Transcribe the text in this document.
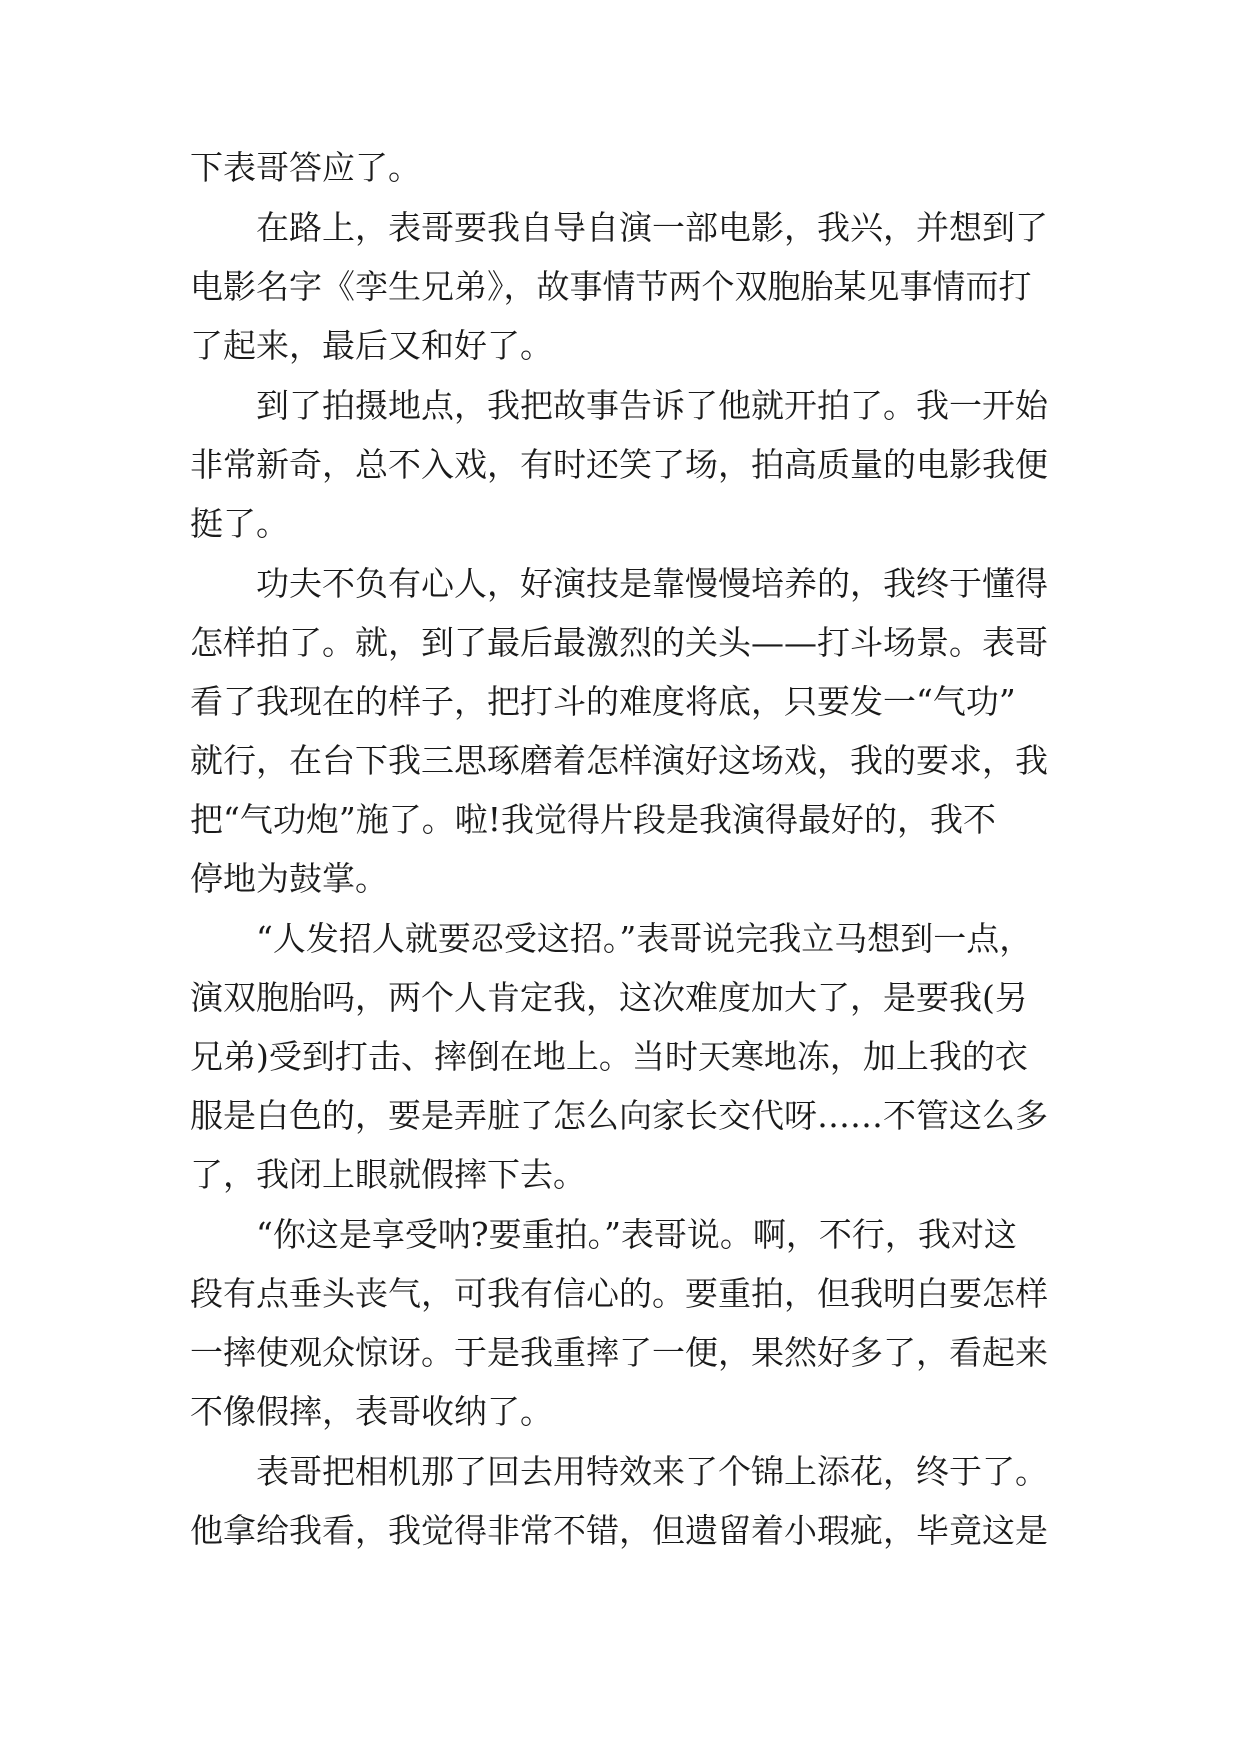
下表哥答应了。

在路上，表哥要我自导自演一部电影，我兴，并想到了
电影名字《孪生兄弟》，故事情节两个双胞胎某见事情而打
了起来，最后又和好了。

到了拍摄地点，我把故事告诉了他就开拍了。我一开始
非常新奇，总不入戏，有时还笑了场，拍高质量的电影我便
挺了。

功夫不负有心人，好演技是靠慢慢培养的，我终于懂得
怎样拍了。就，到了最后最激烈的关头——打斗场景。表哥
看了我现在的样子，把打斗的难度将底，只要发一“气功”
就行，在台下我三思琢磨着怎样演好这场戏，我的要求，我
把“气功炮”施了。啦!我觉得片段是我演得最好的，我不
停地为鼓掌。

“人发招人就要忍受这招。”表哥说完我立马想到一点，
演双胞胎吗，两个人肯定我，这次难度加大了，是要我(另
兄弟)受到打击、摔倒在地上。当时天寒地冻，加上我的衣
服是白色的，要是弄脏了怎么向家长交代呀……不管这么多
了，我闭上眼就假摔下去。

“你这是享受呐?要重拍。”表哥说。啊，不行，我对这
段有点垂头丧气，可我有信心的。要重拍，但我明白要怎样
一摔使观众惊讶。于是我重摔了一便，果然好多了，看起来
不像假摔，表哥收纳了。

表哥把相机那了回去用特效来了个锦上添花，终于了。
他拿给我看，我觉得非常不错，但遗留着小瑕疵，毕竟这是
